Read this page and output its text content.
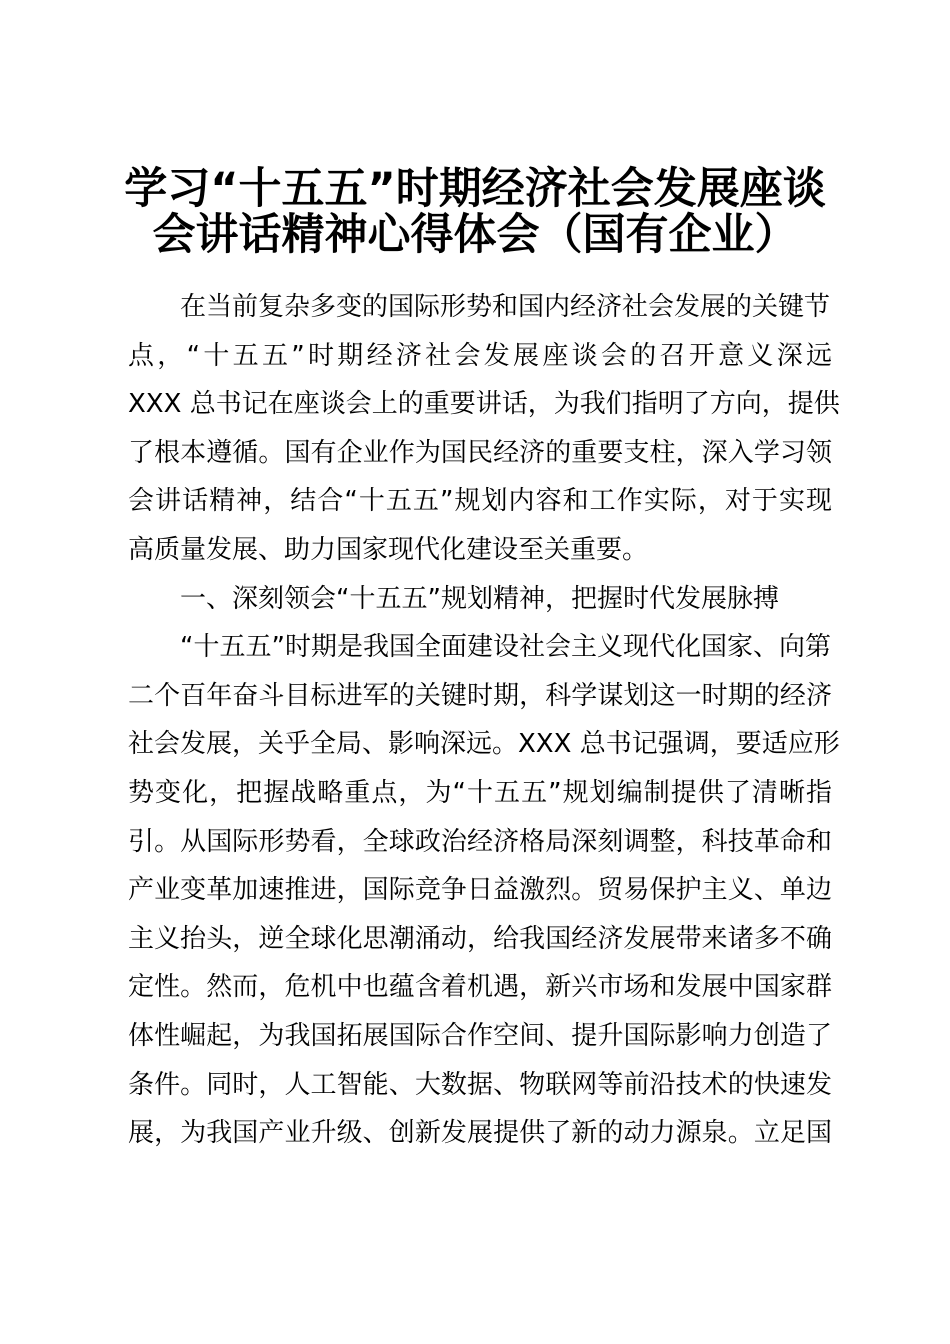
学习“十五五”时期经济社会发展座谈
会讲话精神心得体会（国有企业）
在当前复杂多变的国际形势和国内经济社会发展的关键节
点，“十五五”时期经济社会发展座谈会的召开意义深远
XXX 总书记在座谈会上的重要讲话，为我们指明了方向，提供
了根本遵循。国有企业作为国民经济的重要支柱，深入学习领
会讲话精神，结合“十五五”规划内容和工作实际，对于实现
高质量发展、助力国家现代化建设至关重要。
一、深刻领会“十五五”规划精神，把握时代发展脉搏
“十五五”时期是我国全面建设社会主义现代化国家、向第
二个百年奋斗目标进军的关键时期，科学谋划这一时期的经济
社会发展，关乎全局、影响深远。XXX 总书记强调，要适应形
势变化，把握战略重点，为“十五五”规划编制提供了清晰指
引。从国际形势看，全球政治经济格局深刻调整，科技革命和
产业变革加速推进，国际竞争日益激烈。贸易保护主义、单边
主义抬头，逆全球化思潮涌动，给我国经济发展带来诸多不确
定性。然而，危机中也蕴含着机遇，新兴市场和发展中国家群
体性崛起，为我国拓展国际合作空间、提升国际影响力创造了
条件。同时，人工智能、大数据、物联网等前沿技术的快速发
展，为我国产业升级、创新发展提供了新的动力源泉。立足国
